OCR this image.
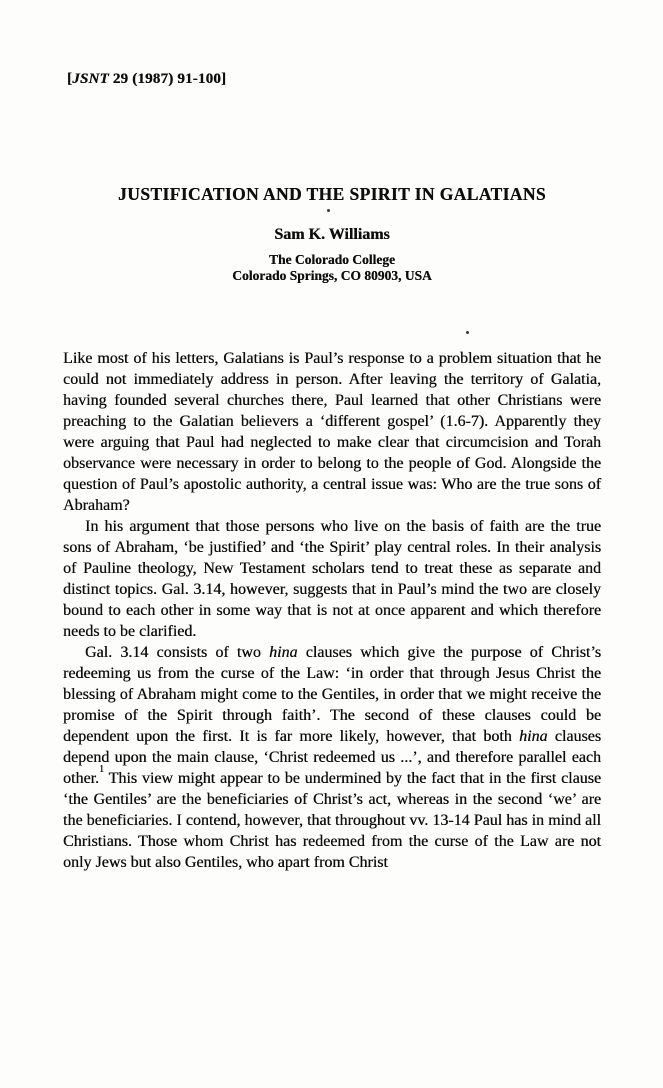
[JSNT 29 (1987) 91-100]
JUSTIFICATION AND THE SPIRIT IN GALATIANS
Sam K. Williams
The Colorado College
Colorado Springs, CO 80903, USA

Like most of his letters, Galatians is Paul’s response to a problem situation that he could not immediately address in person. After leaving the territory of Galatia, having founded several churches there, Paul learned that other Christians were preaching to the Galatian believers a ‘different gospel’ (1.6-7). Apparently they were arguing that Paul had neglected to make clear that circumcision and Torah observance were necessary in order to belong to the people of God. Alongside the question of Paul’s apostolic authority, a central issue was: Who are the true sons of Abraham?

In his argument that those persons who live on the basis of faith are the true sons of Abraham, ‘be justified’ and ‘the Spirit’ play central roles. In their analysis of Pauline theology, New Testament scholars tend to treat these as separate and distinct topics. Gal. 3.14, however, suggests that in Paul’s mind the two are closely bound to each other in some way that is not at once apparent and which therefore needs to be clarified.

Gal. 3.14 consists of two hina clauses which give the purpose of Christ’s redeeming us from the curse of the Law: ‘in order that through Jesus Christ the blessing of Abraham might come to the Gentiles, in order that we might receive the promise of the Spirit through faith’. The second of these clauses could be dependent upon the first. It is far more likely, however, that both hina clauses depend upon the main clause, ‘Christ redeemed us ...’, and therefore parallel each other.$^1$ This view might appear to be undermined by the fact that in the first clause ‘the Gentiles’ are the beneficiaries of Christ’s act, whereas in the second ‘we’ are the beneficiaries. I contend, however, that throughout vv. 13-14 Paul has in mind all Christians. Those whom Christ has redeemed from the curse of the Law are not only Jews but also Gentiles, who apart from Christ
